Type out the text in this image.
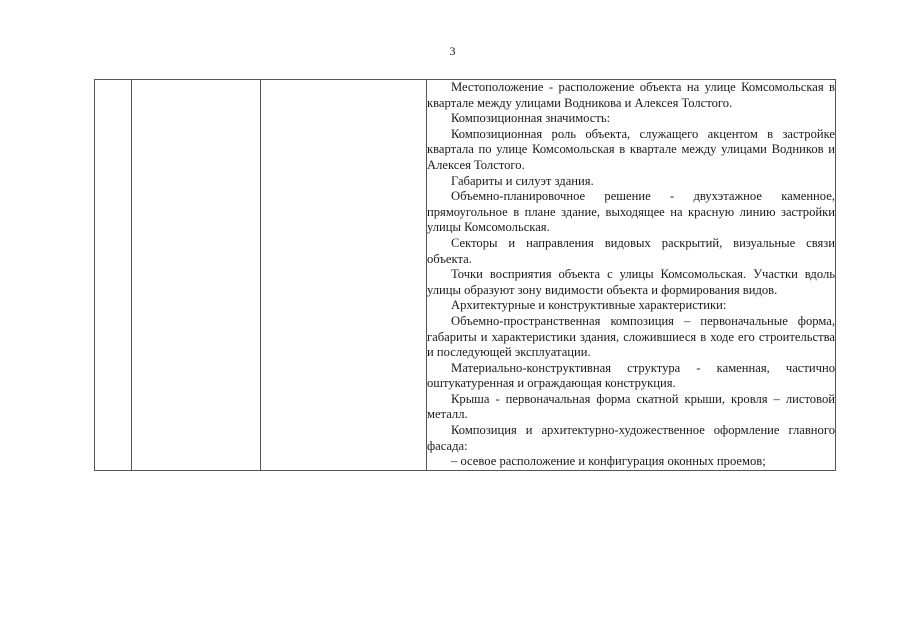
3

Местоположение - расположение объекта на улице Комсомольская в квартале между улицами Водникова и Алексея Толстого.

Композиционная значимость:

Композиционная роль объекта, служащего акцентом в застройке квартала по улице Комсомольская в квартале между улицами Водников и Алексея Толстого.

Габариты и силуэт здания.

Объемно-планировочное решение - двухэтажное каменное, прямоугольное в плане здание, выходящее на красную линию застройки улицы Комсомольская.

Секторы и направления видовых раскрытий, визуальные связи объекта.

Точки восприятия объекта с улицы Комсомольская. Участки вдоль улицы образуют зону видимости объекта и формирования видов.

Архитектурные и конструктивные характеристики:

Объемно-пространственная композиция – первоначальные форма, габариты и характеристики здания, сложившиеся в ходе его строительства и последующей эксплуатации.

Материально-конструктивная структура - каменная, частично оштукатуренная и ограждающая конструкция.

Крыша - первоначальная форма скатной крыши, кровля – листовой металл.

Композиция и архитектурно-художественное оформление главного фасада:

– осевое расположение и конфигурация оконных проемов;
